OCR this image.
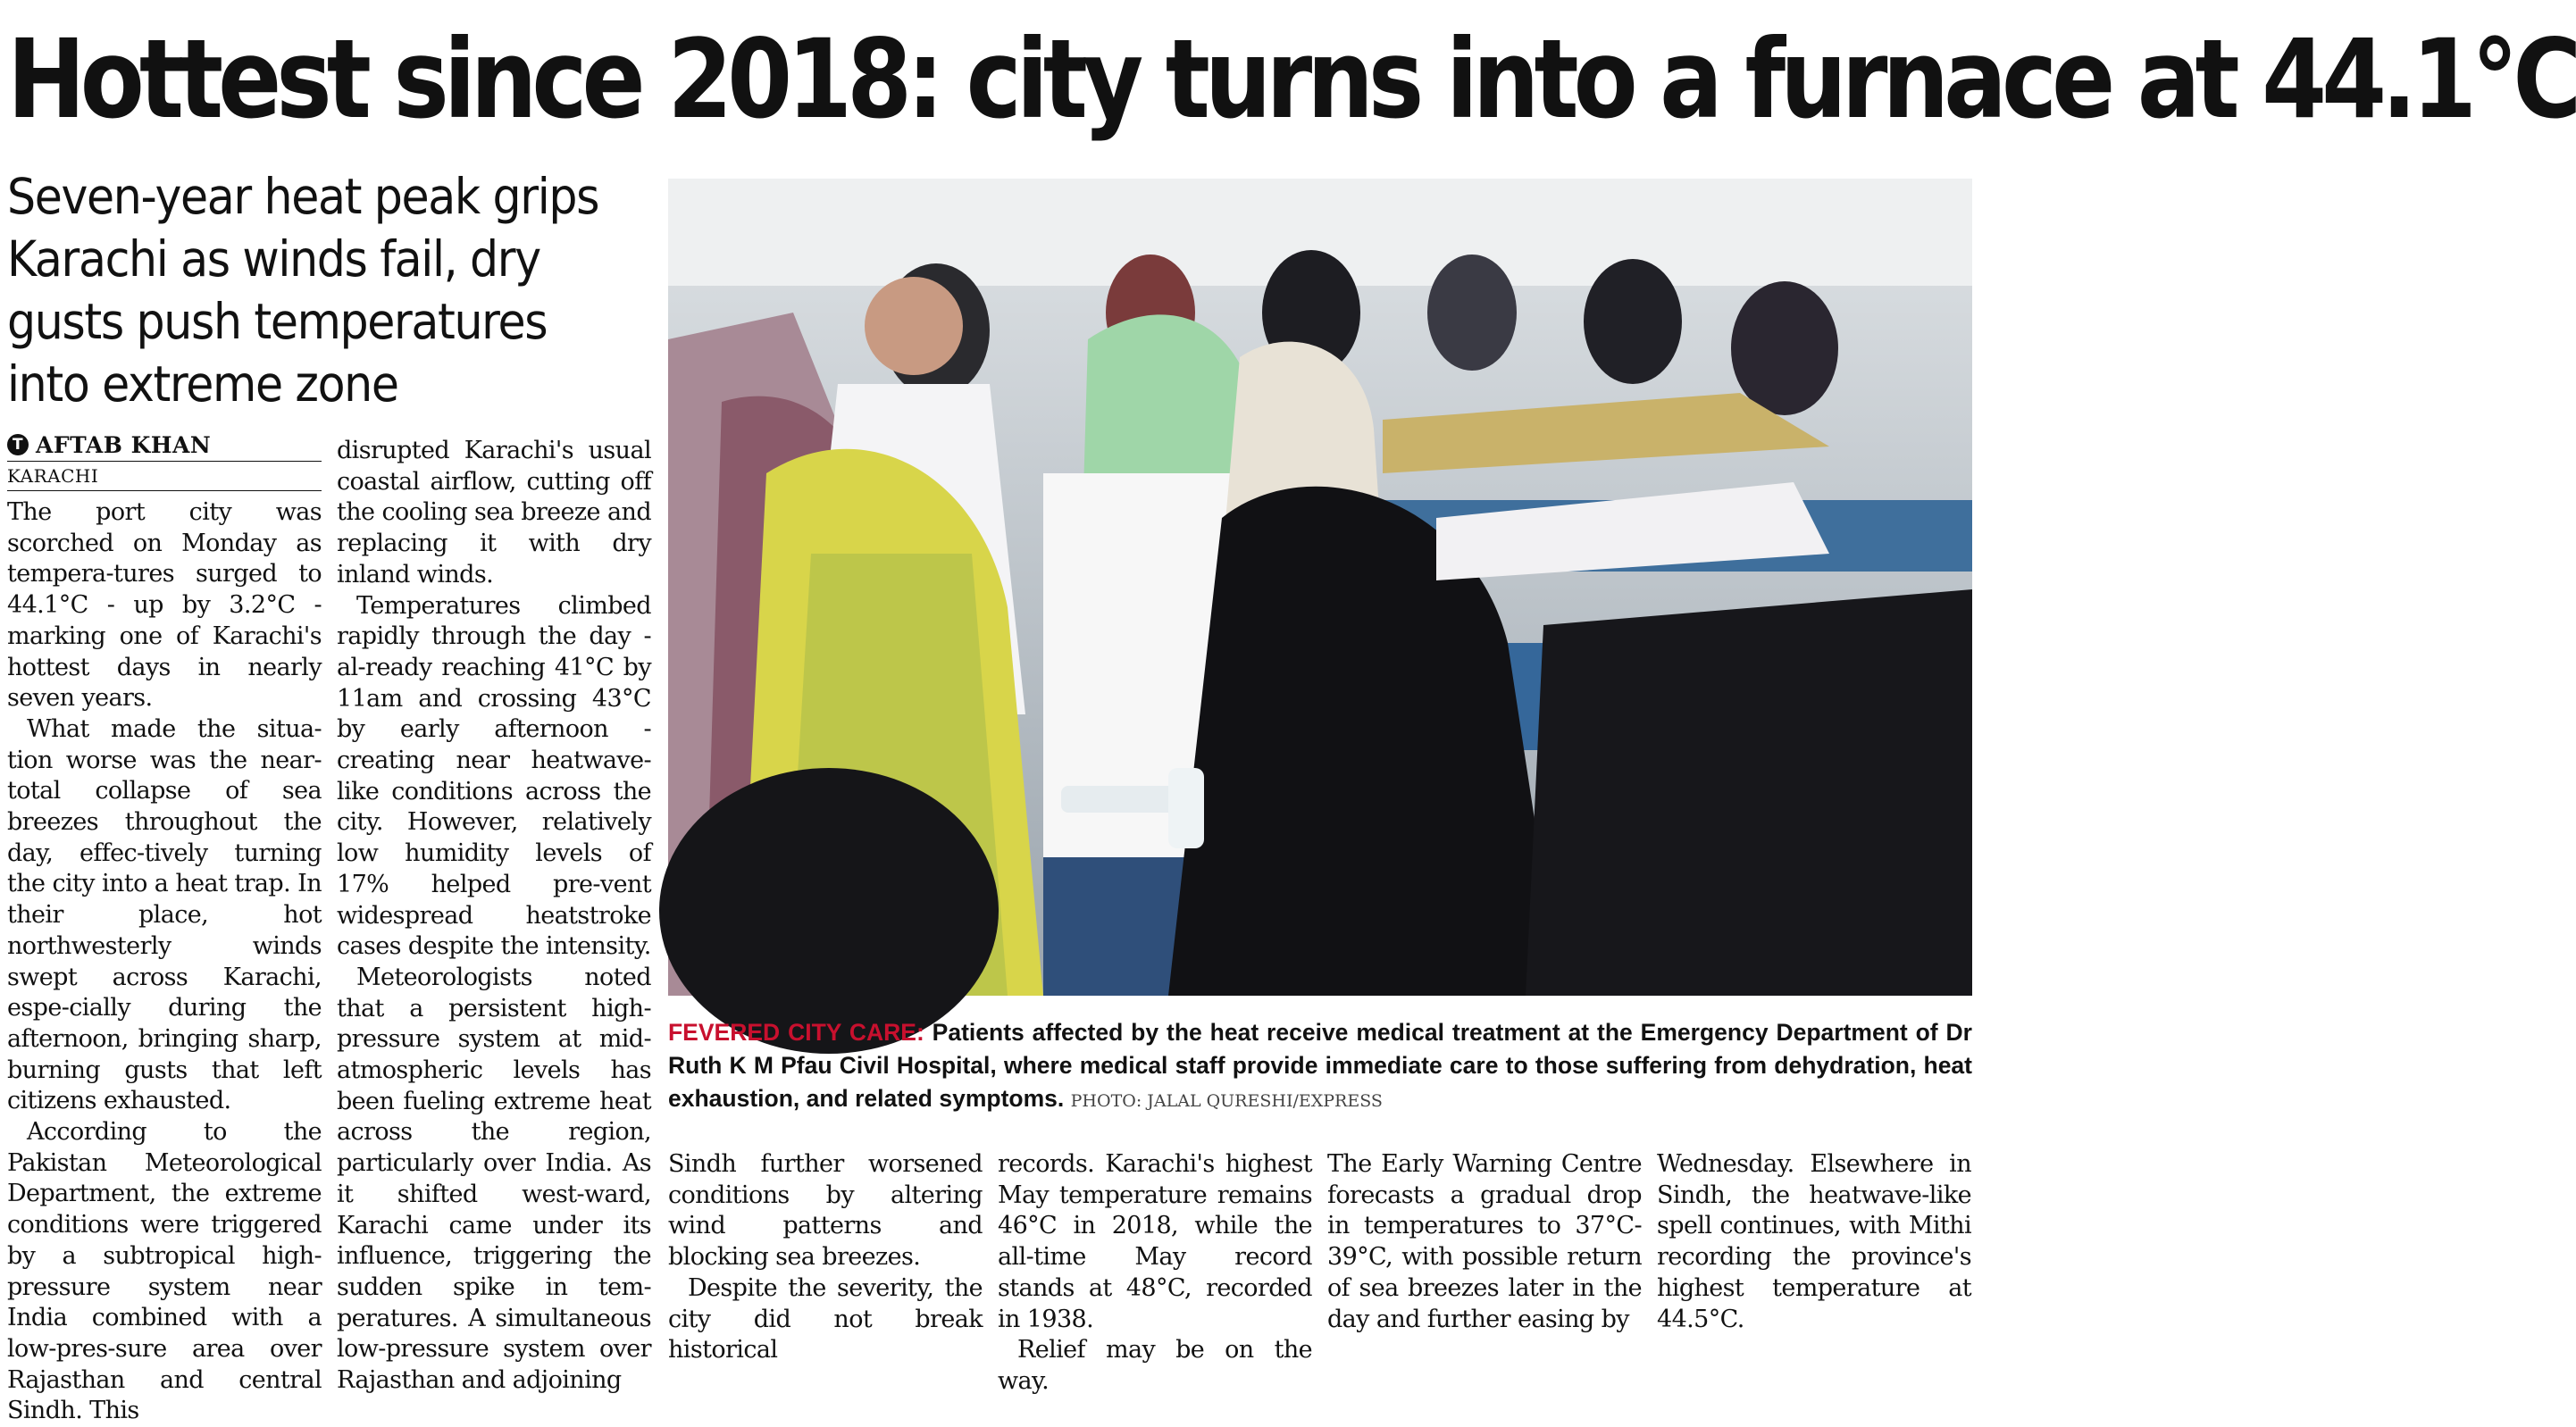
Hottest since 2018: city turns into a furnace at 44.1°C
Seven-year heat peak grips Karachi as winds fail, dry gusts push temperatures into extreme zone
T AFTAB KHAN
KARACHI

The port city was scorched on Monday as tempera-tures surged to 44.1°C - up by 3.2°C - marking one of Karachi's hottest days in nearly seven years.

What made the situa-tion worse was the near-total collapse of sea breezes throughout the day, effec-tively turning the city into a heat trap. In their place, hot northwesterly winds swept across Karachi, espe-cially during the afternoon, bringing sharp, burning gusts that left citizens exhausted.

According to the Pakistan Meteorological Department, the extreme conditions were triggered by a subtropical high-pressure system near India combined with a low-pres-sure area over Rajasthan and central Sindh. This

disrupted Karachi's usual coastal airflow, cutting off the cooling sea breeze and replacing it with dry inland winds.

Temperatures climbed rapidly through the day - al-ready reaching 41°C by 11am and crossing 43°C by early afternoon - creating near heatwave-like conditions across the city. However, relatively low humidity levels of 17% helped pre-vent widespread heatstroke cases despite the intensity.

Meteorologists noted that a persistent high-pressure system at mid-atmospheric levels has been fueling extreme heat across the region, particularly over India. As it shifted west-ward, Karachi came under its influence, triggering the sudden spike in tem-peratures. A simultaneous low-pressure system over Rajasthan and adjoining

FEVERED CITY CARE: Patients affected by the heat receive medical treatment at the Emergency Department of Dr Ruth K M Pfau Civil Hospital, where medical staff provide immediate care to those suffering from dehydration, heat exhaustion, and related symptoms. PHOTO: JALAL QURESHI/EXPRESS

Sindh further worsened conditions by altering wind patterns and blocking sea breezes.

Despite the severity, the city did not break historical

records. Karachi's highest May temperature remains 46°C in 2018, while the all-time May record stands at 48°C, recorded in 1938.

Relief may be on the way.

The Early Warning Centre forecasts a gradual drop in temperatures to 37°C-39°C, with possible return of sea breezes later in the day and further easing by

Wednesday. Elsewhere in Sindh, the heatwave-like spell continues, with Mithi recording the province's highest temperature at 44.5°C.
